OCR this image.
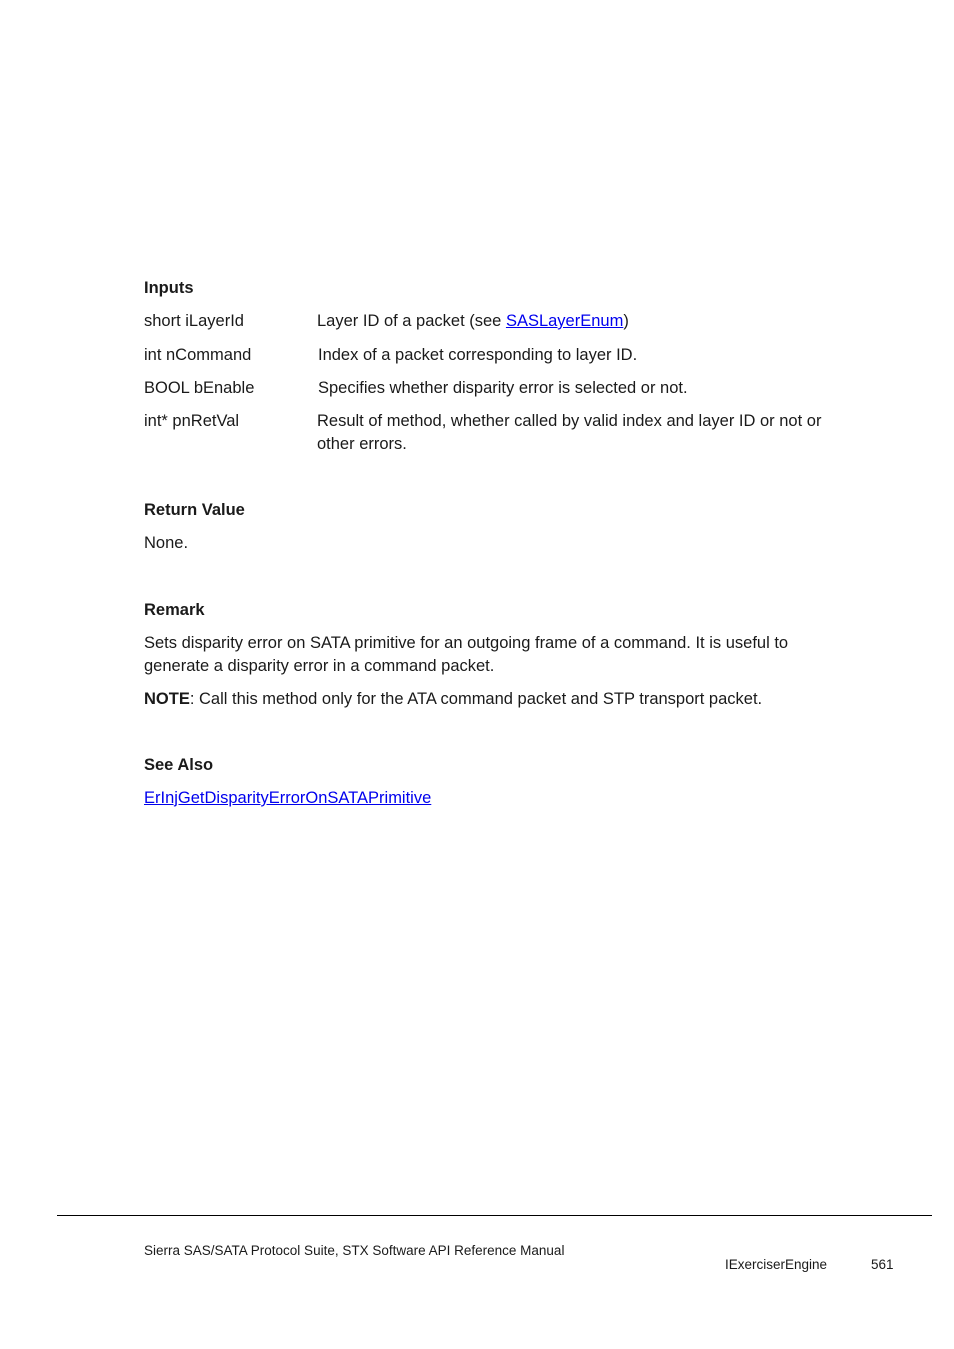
Inputs
short iLayerId	Layer ID of a packet (see SASLayerEnum)
int nCommand	Index of a packet corresponding to layer ID.
BOOL bEnable	Specifies whether disparity error is selected or not.
int* pnRetVal	Result of method, whether called by valid index and layer ID or not or
other errors.
Return Value
None.
Remark
Sets disparity error on SATA primitive for an outgoing frame of a command. It is useful to
generate a disparity error in a command packet.
NOTE: Call this method only for the ATA command packet and STP transport packet.
See Also
ErInjGetDisparityErrorOnSATAPrimitive
Sierra SAS/SATA Protocol Suite, STX Software API Reference Manual
IExerciserEngine	561
